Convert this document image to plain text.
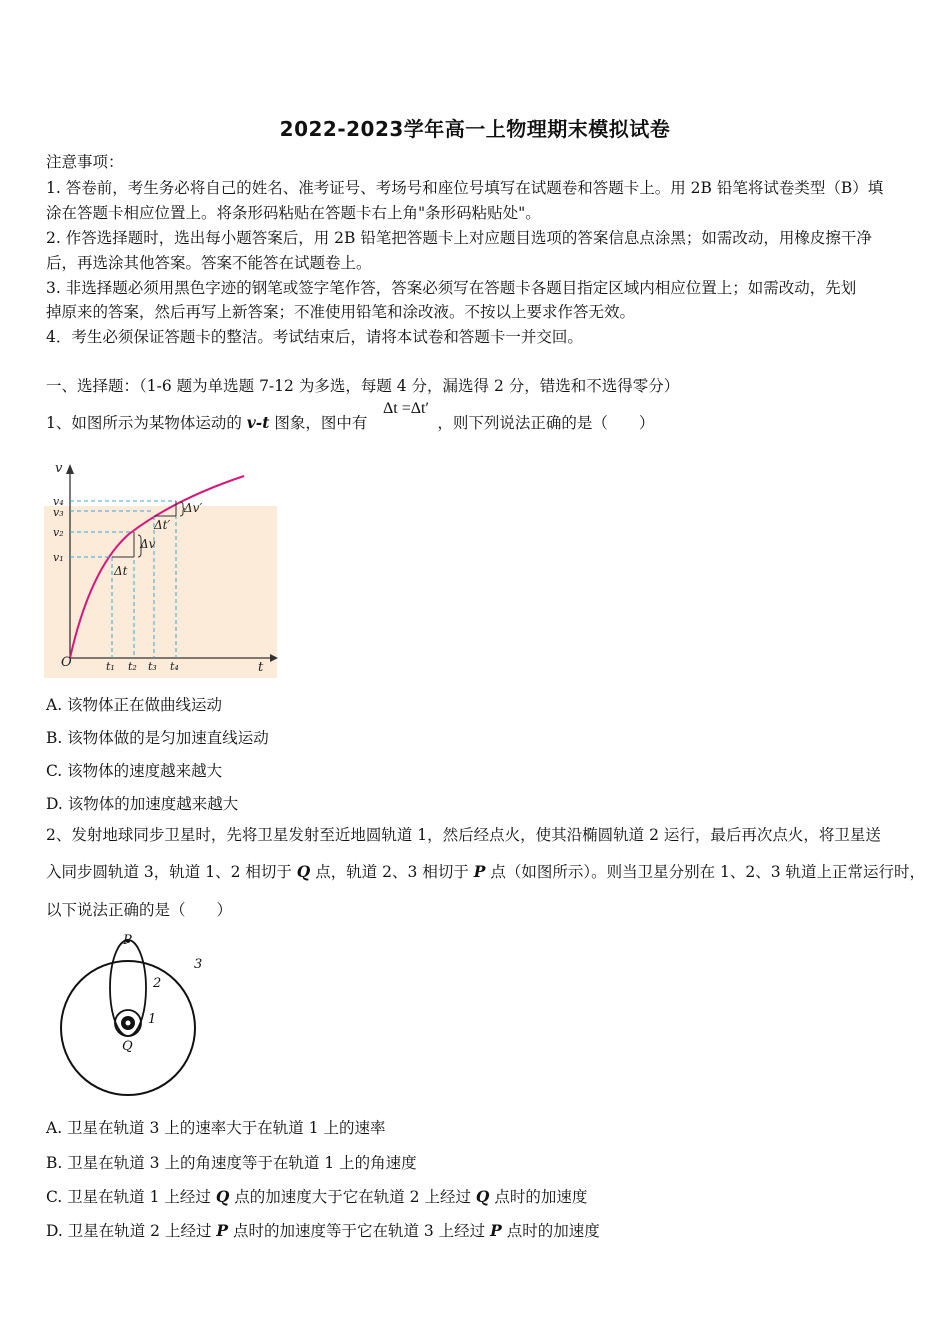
2022-2023学年高一上物理期末模拟试卷
注意事项：
1. 答卷前，考生务必将自己的姓名、准考证号、考场号和座位号填写在试题卷和答题卡上。用 2B 铅笔将试卷类型（B）填
涂在答题卡相应位置上。将条形码粘贴在答题卡右上角"条形码粘贴处"。
2. 作答选择题时，选出每小题答案后，用 2B 铅笔把答题卡上对应题目选项的答案信息点涂黑；如需改动，用橡皮擦干净
后，再选涂其他答案。答案不能答在试题卷上。
3. 非选择题必须用黑色字迹的钢笔或签字笔作答，答案必须写在答题卡各题目指定区域内相应位置上；如需改动，先划
掉原来的答案，然后再写上新答案；不准使用铅笔和涂改液。不按以上要求作答无效。
4．考生必须保证答题卡的整洁。考试结束后，请将本试卷和答题卡一并交回。
一、选择题：（1-6 题为单选题 7-12 为多选，每题 4 分，漏选得 2 分，错选和不选得零分）
1、如图所示为某物体运动的 v-t 图象，图中有	，则下列说法正确的是（　　）
Δt =Δt′
v
t
O
v₄
v₃
v₂
v₁
t₁ t₂ t₃ t₄
Δv
Δt
Δv′
Δt′
A. 该物体正在做曲线运动
B. 该物体做的是匀加速直线运动
C. 该物体的速度越来越大
D. 该物体的加速度越来越大
2、发射地球同步卫星时，先将卫星发射至近地圆轨道 1，然后经点火，使其沿椭圆轨道 2 运行，最后再次点火，将卫星送
入同步圆轨道 3，轨道 1、2 相切于 Q 点，轨道 2、3 相切于 P 点（如图所示）。则当卫星分别在 1、2、3 轨道上正常运行时，
以下说法正确的是（　　）
P
Q
1
2
3
A. 卫星在轨道 3 上的速率大于在轨道 1 上的速率
B. 卫星在轨道 3 上的角速度等于在轨道 1 上的角速度
C. 卫星在轨道 1 上经过 Q 点的加速度大于它在轨道 2 上经过 Q 点时的加速度
D. 卫星在轨道 2 上经过 P 点时的加速度等于它在轨道 3 上经过 P 点时的加速度
